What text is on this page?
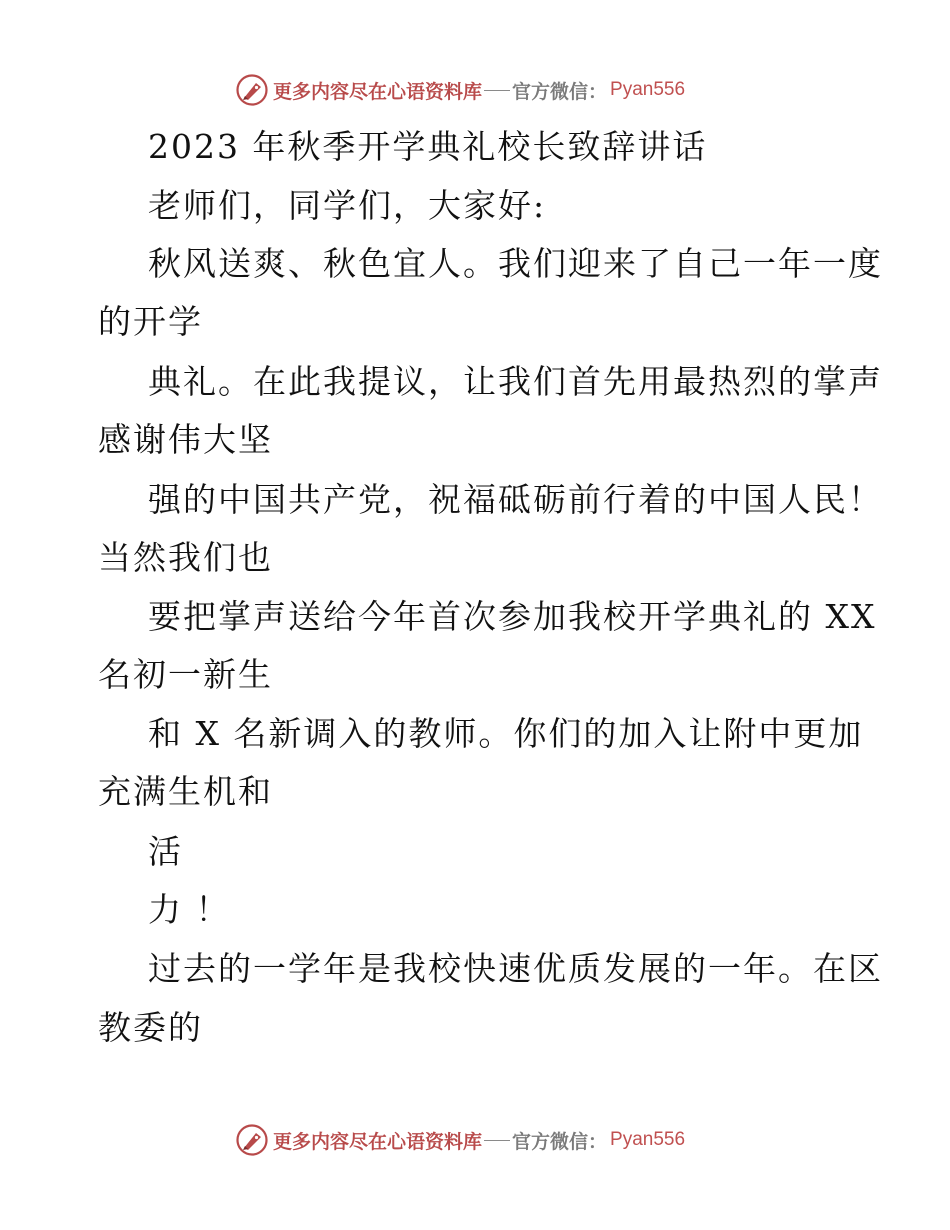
更多内容尽在心语资料库 官方微信： Pyan556

2023 年秋季开学典礼校长致辞讲话

老师们，同学们，大家好:

秋风送爽、秋色宜人。我们迎来了自己一年一度

的开学

典礼。在此我提议，让我们首先用最热烈的掌声

感谢伟大坚

强的中国共产党，祝福砥砺前行着的中国人民！

当然我们也

要把掌声送给今年首次参加我校开学典礼的 XX

名初一新生

和 X 名新调入的教师。你们的加入让附中更加

充满生机和

活

力 ！

过去的一学年是我校快速优质发展的一年。在区

教委的

更多内容尽在心语资料库 官方微信： Pyan556
